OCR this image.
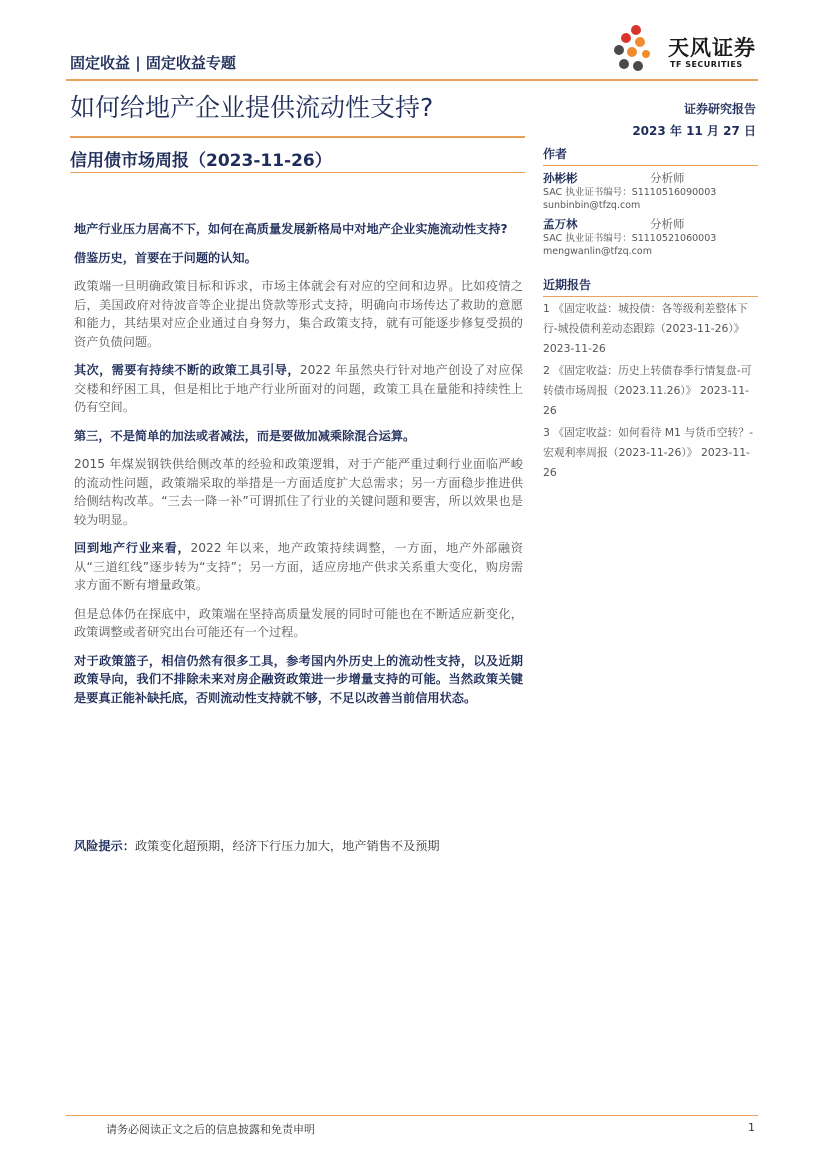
固定收益 | 固定收益专题
天风证券
TF SECURITIES
如何给地产企业提供流动性支持?	证券研究报告
2023 年 11 月 27 日
信用债市场周报（2023-11-26）

地产行业压力居高不下，如何在高质量发展新格局中对地产企业实施流动性支持?

借鉴历史，首要在于问题的认知。

政策端一旦明确政策目标和诉求，市场主体就会有对应的空间和边界。比如疫情之后，美国政府对待波音等企业提出贷款等形式支持，明确向市场传达了救助的意愿和能力，其结果对应企业通过自身努力，集合政策支持，就有可能逐步修复受损的资产负债问题。

其次，需要有持续不断的政策工具引导，2022 年虽然央行针对地产创设了对应保交楼和纾困工具，但是相比于地产行业所面对的问题，政策工具在量能和持续性上仍有空间。

第三，不是简单的加法或者减法，而是要做加减乘除混合运算。

2015 年煤炭钢铁供给侧改革的经验和政策逻辑，对于产能严重过剩行业面临严峻的流动性问题，政策端采取的举措是一方面适度扩大总需求；另一方面稳步推进供给侧结构改革。“三去一降一补”可谓抓住了行业的关键问题和要害，所以效果也是较为明显。

回到地产行业来看，2022 年以来，地产政策持续调整，一方面，地产外部融资从“三道红线”逐步转为“支持”；另一方面，适应房地产供求关系重大变化，购房需求方面不断有增量政策。

但是总体仍在探底中，政策端在坚持高质量发展的同时可能也在不断适应新变化，政策调整或者研究出台可能还有一个过程。

对于政策篮子，相信仍然有很多工具，参考国内外历史上的流动性支持，以及近期政策导向，我们不排除未来对房企融资政策进一步增量支持的可能。当然政策关键是要真正能补缺托底，否则流动性支持就不够，不足以改善当前信用状态。

风险提示：政策变化超预期，经济下行压力加大，地产销售不及预期
作者
孙彬彬	分析师
SAC 执业证书编号：S1110516090003
sunbinbin@tfzq.com
孟万林	分析师
SAC 执业证书编号：S1110521060003
mengwanlin@tfzq.com
近期报告
1 《固定收益：城投债：各等级利差整体下行-城投债利差动态跟踪（2023-11-26）》 2023-11-26
2 《固定收益：历史上转债春季行情复盘-可转债市场周报（2023.11.26）》 2023-11-26
3 《固定收益：如何看待 M1 与货币空转？-宏观利率周报（2023-11-26）》 2023-11-26
请务必阅读正文之后的信息披露和免责申明	1
